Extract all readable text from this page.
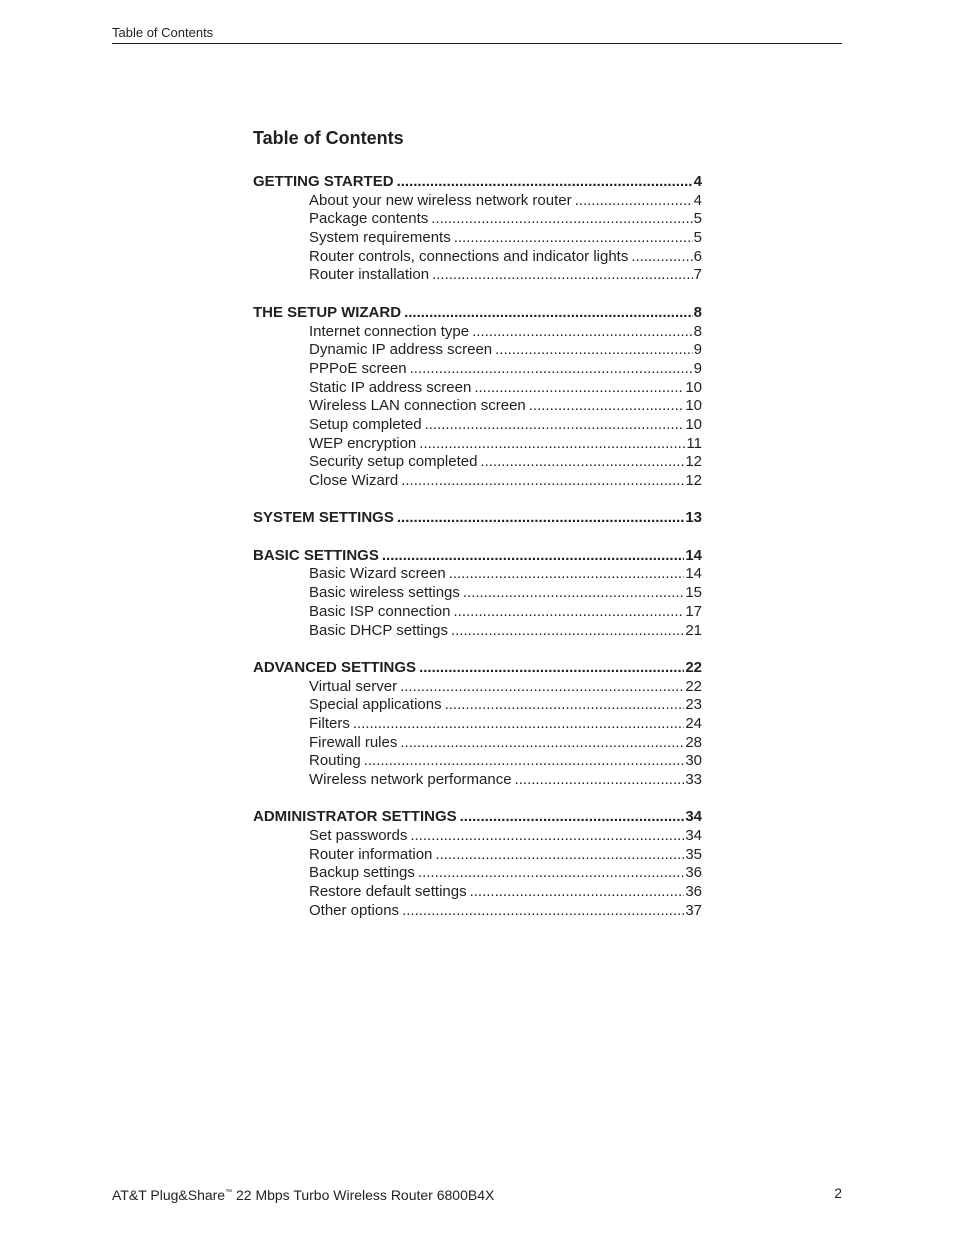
Table of Contents
Table of Contents
GETTING STARTED .....	4
About your new wireless network router .....	4
Package contents .....	5
System requirements .....	5
Router controls, connections and indicator lights .....	6
Router installation .....	7
THE SETUP WIZARD .....	8
Internet connection type .....	8
Dynamic IP address screen .....	9
PPPoE screen .....	9
Static IP address screen .....	10
Wireless LAN connection screen .....	10
Setup completed .....	10
WEP encryption .....	11
Security setup completed .....	12
Close Wizard .....	12
SYSTEM SETTINGS .....	13
BASIC SETTINGS .....	14
Basic Wizard screen .....	14
Basic wireless settings .....	15
Basic ISP connection .....	17
Basic DHCP settings .....	21
ADVANCED SETTINGS .....	22
Virtual server .....	22
Special applications .....	23
Filters .....	24
Firewall rules .....	28
Routing .....	30
Wireless network performance .....	33
ADMINISTRATOR SETTINGS .....	34
Set passwords .....	34
Router information .....	35
Backup settings .....	36
Restore default settings .....	36
Other options .....	37
AT&T Plug&Share™ 22 Mbps Turbo Wireless Router 6800B4X	2
